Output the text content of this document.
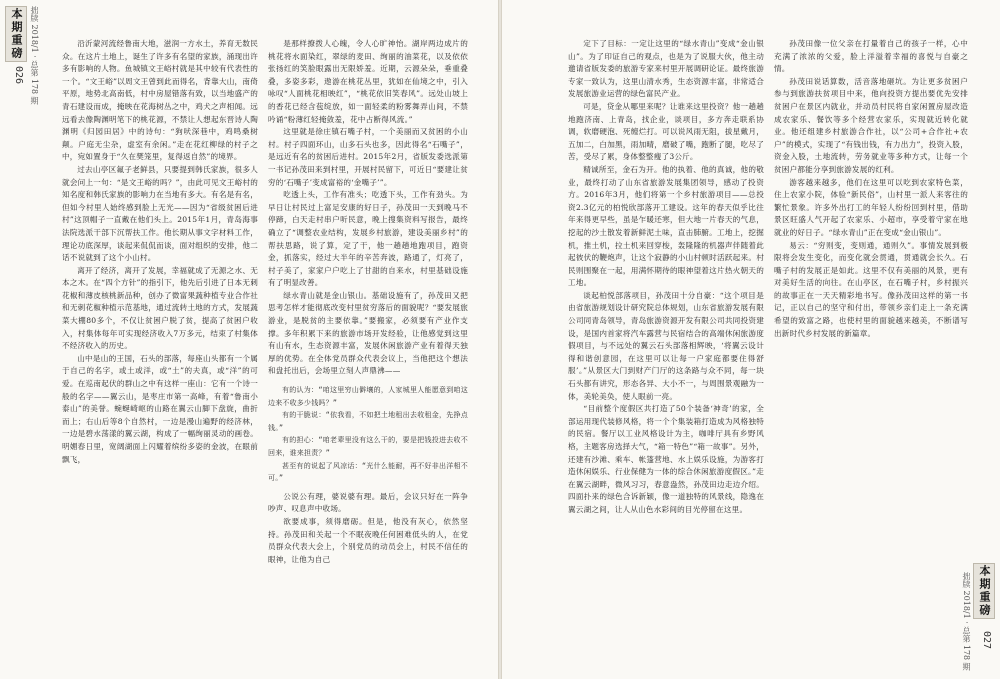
本期重磅
026 拙牍 2018/1 · 总第 178 期	沿沂蒙河流经鲁南大地，滋润一方水土，养育无数民众。在这片土地上，诞生了许多有名望的家族，涌现出许多有影响的人物。鱼城镇文王峪村就是其中较有代表性的一个。“文王峪”以周文王曾到此而得名，背靠大山，南倚平原，地势北高南低，村中房屋错落有致，以当地盛产的青石建设而成，掩映在花海树丛之中，鸡犬之声相闻。远远看去像陶渊明笔下的桃花源，不禁让人想起东晋诗人陶渊明《归园田居》中的诗句：“狗吠深巷中，鸡鸣桑树颠。户庭无尘杂，虚室有余闲。”走在花红柳绿的村子之中，宛如置身于“久在樊笼里，复得返自然”的境界。

过去山亭区氟子老鲜县，只要提到韩氏家族，很多人就会问上一句：“是文王峪的吗？”，由此可见文王峪村的知名度和韩氏家族的影响力在当地有多大。有名是有名，但如今村里人始终感到脸上无光——因为“省级贫困后进村”这顶帽子一直戴在他们头上。2015年1月，青岛海事法院选派干部下沉帮扶工作。他长期从事文字材料工作，理论功底深厚，谈起来侃侃而谈，面对组织的安排，他二话不说就到了这个小山村。

离开了经济，离开了发展，幸福就成了无源之水、无本之木。在“四个方针”的指引下，他先后引进了日本无刺花椒和薄皮核桃新品种，创办了微富果蔬种植专业合作社和无刺花椒种植示范基地，通过流转土地的方式，发展蔬菜大棚80多个，不仅让贫困户脱了贫，提高了贫困户收入，村集体每年可实现经济收入7万多元，结束了村集体不经济收入的历史。

山中是山的王国，石头的部落，每座山头都有一个属于自己的名字，或土或洋，或“土”的夫真，或“洋”的可爱。在巡南起伏的群山之中有这样一座山：它有一个诗一般的名字——翼云山，是枣庄市第一高峰，有着“鲁南小泰山”的美誉。蜿蜒崎岖的山路在翼云山脚下盘旋，曲折而上；右山后等8个自然村，一边是漫山遍野的经济林，一边是碧水荡漾的翼云湖，构成了一幅绚丽灵动的画卷。明媚春日里，宽阔湖面上闪耀着缤纷多姿的金波，在眼前飘飞，

是那样撩拨人心魄，令人心旷神怡。湖岸两边成片的桃花将水面染红，翠绿的麦田、绚丽的油菜花，以及依依张扬红的笑脸眼露出无限娇羞。近期，云源朵朵，垂重叠叠，多姿多彩，遨游在桃花丛里，犹如在仙境之中，引入咏叹“人面桃花相映红”，“桃花依旧笑春风”。远处山坡上的香花已经含苞绽放，如一面轻柔的粉雾舞弄山间，不禁吟诵“粉薄红轻掩敛羞，花中占断得风流。”

这里就是徐庄镇石嘴子村，一个美丽而又贫困的小山村。村子四面环山，山多石头也多，因此得名“石嘴子”，是远近有名的贫困后进村。2015年2月，省版发委选派第一书记孙茂田来到村里，开展村民留下，可近日“要建让贫穷的‘石嘴子’变成富裕的‘金嘴子’”。

吃透上头，工作有准头；吃透下头，工作有劲头。为早日让村民过上富足安康的好日子，孙茂田一天到晚马不停蹄，白天走村串户听民意，晚上搜集资料写报告，最终确立了“调整农业结构，发展乡村旅游，建设美丽乡村”的帮扶思路，说了算，定了干，他一趟趟地跑项目，跑资金，抓落实，经过大半年的辛苦奔波，路通了，灯亮了，村子美了，家家户户吃上了甘甜的自来水，村里基础设施有了明显改善。

绿水青山就是金山银山。基础设施有了，孙茂田又把思考怎样才能彻底改变村里贫穷落后的面貌呢？“要发展旅游业，是脱贫的主要依靠。”要搬家，必须要有产业作支撑。多年积累下来的旅游市场开发经验，让他感觉到这里有山有水，生态资源丰富，发展休闲旅游产业有着得天独厚的优势。在全体党员群众代表会议上，当他把这个想法和盘托出后，会场里立刻人声鼎沸——

有的认为：“咱这里穷山僻壤的，人家城里人能愿意到咱这边来不收多少钱吗？”

有的干脆说：“依我看，不如把土地租出去收租金，先挣点钱。”

有的担心：“咱老辈里没有这么干的，要是把钱投进去收不回来，谁来担责？”

甚至有的说起了风凉话：“光什么能耐，再不好非出洋相不可。”

公说公有理，婆说婆有理。最后，会议只好在一阵争吵声、叹息声中收场。

欲要成事，须得磨砺。但是，他没有灰心，依然坚持。孙茂田和关起一个不眠夜晚任何困难低头的人，在党员群众代表大会上，个别党员的动员会上，村民不信任的眼神，让他为自己

拙牍 2018/1 · 总第 178 期 本期重磅
027

定下了目标：一定让这里的“绿水青山”变成“金山银山”。为了印证自己的观点，也是为了说服大伙，他主动邀请省版发委的旅游专家来村里开展调研论证。最终旅游专家一致认为，这里山清水秀，生态资源丰富，非常适合发展旅游业运营的绿色富民产业。

可是，贷金从哪里来呢？让谁来这里投资？他一趟趟地跑济南、上青岛，找企业，谈项目，多方奔走联系协调，软磨硬泡、死缠烂打。可以说风雨无阻，拔星戴月，五加二，白加黑，雨加晴，磨破了嘴，跑断了腿，吃尽了苦，受尽了累，身体整整瘦了3公斤。

精诚所至，金石为开。他的执着、他的真诚，他的敬业，最终打动了山东省旅游发展集团领导，感动了投资方。2016年3月，他们将第一个乡村旅游项目——总投资2.3亿元的柏悦欣部落开工建设。这年的春天似乎比往年来得更早些，虽是乍暖还寒，但大地一片春天的气息，挖起的沙土散发着新鲜泥土味，直击肺腑。工地上，挖掘机，推土机，拉土机来回穿梭，轰隆隆的机器声伴随着此起彼伏的鞭炮声，让这个寂静的小山村顿时活跃起来。村民则围聚在一起，用满怀期待的眼神望着这片热火朝天的工地。

谈起柏悦部落项目，孙茂田十分自豪：“这个项目是由省旅游规划设计研究院总体规划，山东省旅游发展有限公司同青岛领导，青岛旅游资源开发有限公司共同投资建设，是国内首家将汽车露营与民宿结合的高端休闲旅游度假项目，与不远处的翼云石头部落相辉映，‘将翼云设计得和谐创意园，在这里可以让每一户家庭都要住得舒服’。”从景区大门到财产门厅的这条路与众不同，每一块石头都有讲究，形态各异、大小不一，与周围景观融为一体，美轮美奂，使人眼前一亮。

“目前整个度假区共打造了50个装备‘神奇’的家，全部运用现代装修风格，将一个个集装箱打造成为风格独特的民宿。餐厅以工业风格设计为主，咖啡厅具有乡野风格，主题客房选择大气，“箱一特色”“箱一故事”。另外，还建有沙滩、乘车、帐篷营地、水上娱乐设施，为游客打造休闲娱乐、行业保健为一体的综合休闲旅游度假区。”走在翼云湖畔，微风习习，春意盎然，孙茂田边走边介绍。四面扑来的绿色合诉新颖，像一道独特的风景线，隐逸在翼云湖之间，让人从山色水彩间的目光停留在这里。

孙茂田像一位父亲在打量着自己的孩子一样，心中充满了浓浓的父爱，脸上洋溢着幸福的喜悦与自豪之情。

孙茂田说话算数，活音落地砸坑。为让更多贫困户参与到旅游扶贫项目中来，他向投资方提出要优先安排贫困户在景区内就业，并动员村民将自家闲置房屋改造成农家乐、餐饮等多个经营农家乐，实现就近转化就业。他还组建乡村旅游合作社，以“公司+合作社+农户”的模式，实现了“有钱出钱，有力出力”，投资入股，资金入股，土地流转，劳务就业等多种方式，让每一个贫困户都能分享到旅游发展的红利。

游客越来越多，他们在这里可以吃到农家特色菜，住上农家小院，体验“新民俗”，山村里一派人来客往的繁忙景象。许多外出打工的年轻人纷纷回到村里，借助景区旺盛人气开起了农家乐、小超市，享受着守家在地就业的好日子。“绿水青山”正在变成“金山银山”。

易云：“穷则变，变则通，通则久”。事情发展到极限将会发生变化，而变化就会贯通，贯通就会长久。石嘴子村的发展正是如此。这里不仅有美丽的风景，更有对美好生活的向往。在山亭区，在石嘴子村，乡村振兴的故事正在一天天精彩地书写。像孙茂田这样的第一书记，正以自己的坚守和付出，带领乡亲们走上一条充满希望的致富之路，也使村里的面貌越来越美，不断谱写出新时代乡村发展的新篇章。
